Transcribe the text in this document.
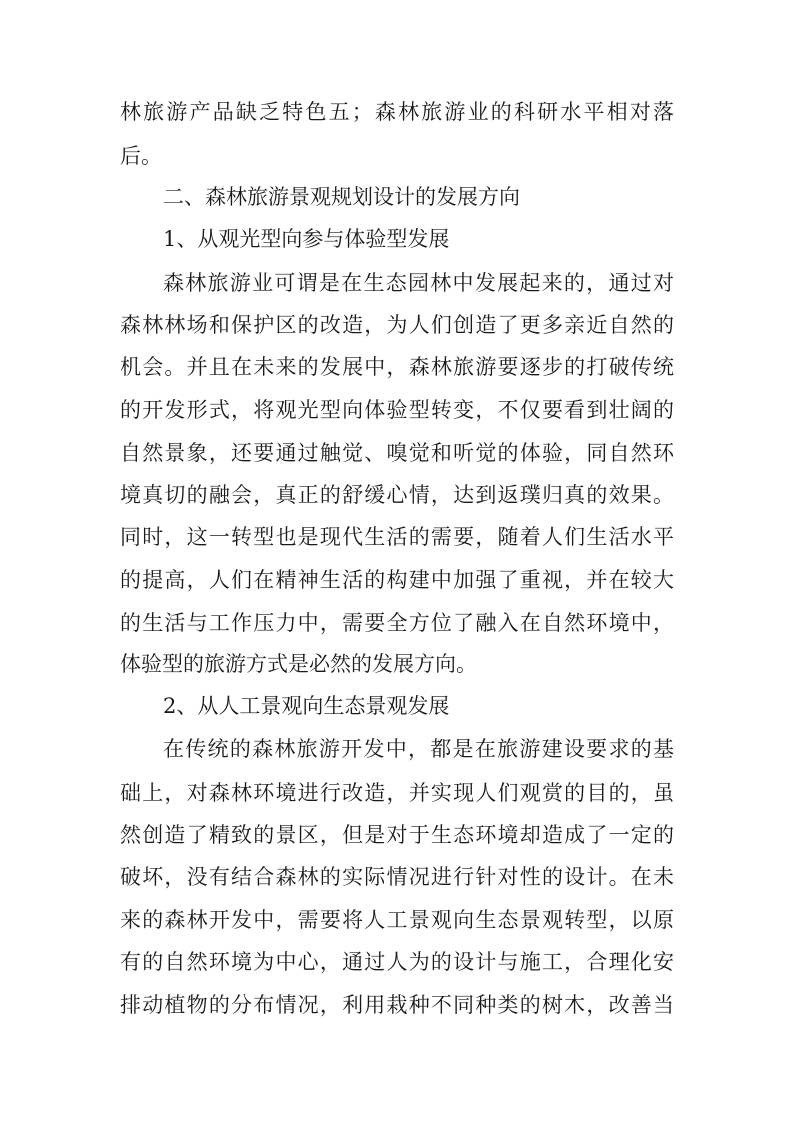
林旅游产品缺乏特色五；森林旅游业的科研水平相对落
后。
二、森林旅游景观规划设计的发展方向
1、从观光型向参与体验型发展
森林旅游业可谓是在生态园林中发展起来的，通过对
森林林场和保护区的改造，为人们创造了更多亲近自然的
机会。并且在未来的发展中，森林旅游要逐步的打破传统
的开发形式，将观光型向体验型转变，不仅要看到壮阔的
自然景象，还要通过触觉、嗅觉和听觉的体验，同自然环
境真切的融会，真正的舒缓心情，达到返璞归真的效果。
同时，这一转型也是现代生活的需要，随着人们生活水平
的提高，人们在精神生活的构建中加强了重视，并在较大
的生活与工作压力中，需要全方位了融入在自然环境中，
体验型的旅游方式是必然的发展方向。
2、从人工景观向生态景观发展
在传统的森林旅游开发中，都是在旅游建设要求的基
础上，对森林环境进行改造，并实现人们观赏的目的，虽
然创造了精致的景区，但是对于生态环境却造成了一定的
破坏，没有结合森林的实际情况进行针对性的设计。在未
来的森林开发中，需要将人工景观向生态景观转型，以原
有的自然环境为中心，通过人为的设计与施工，合理化安
排动植物的分布情况，利用栽种不同种类的树木，改善当
